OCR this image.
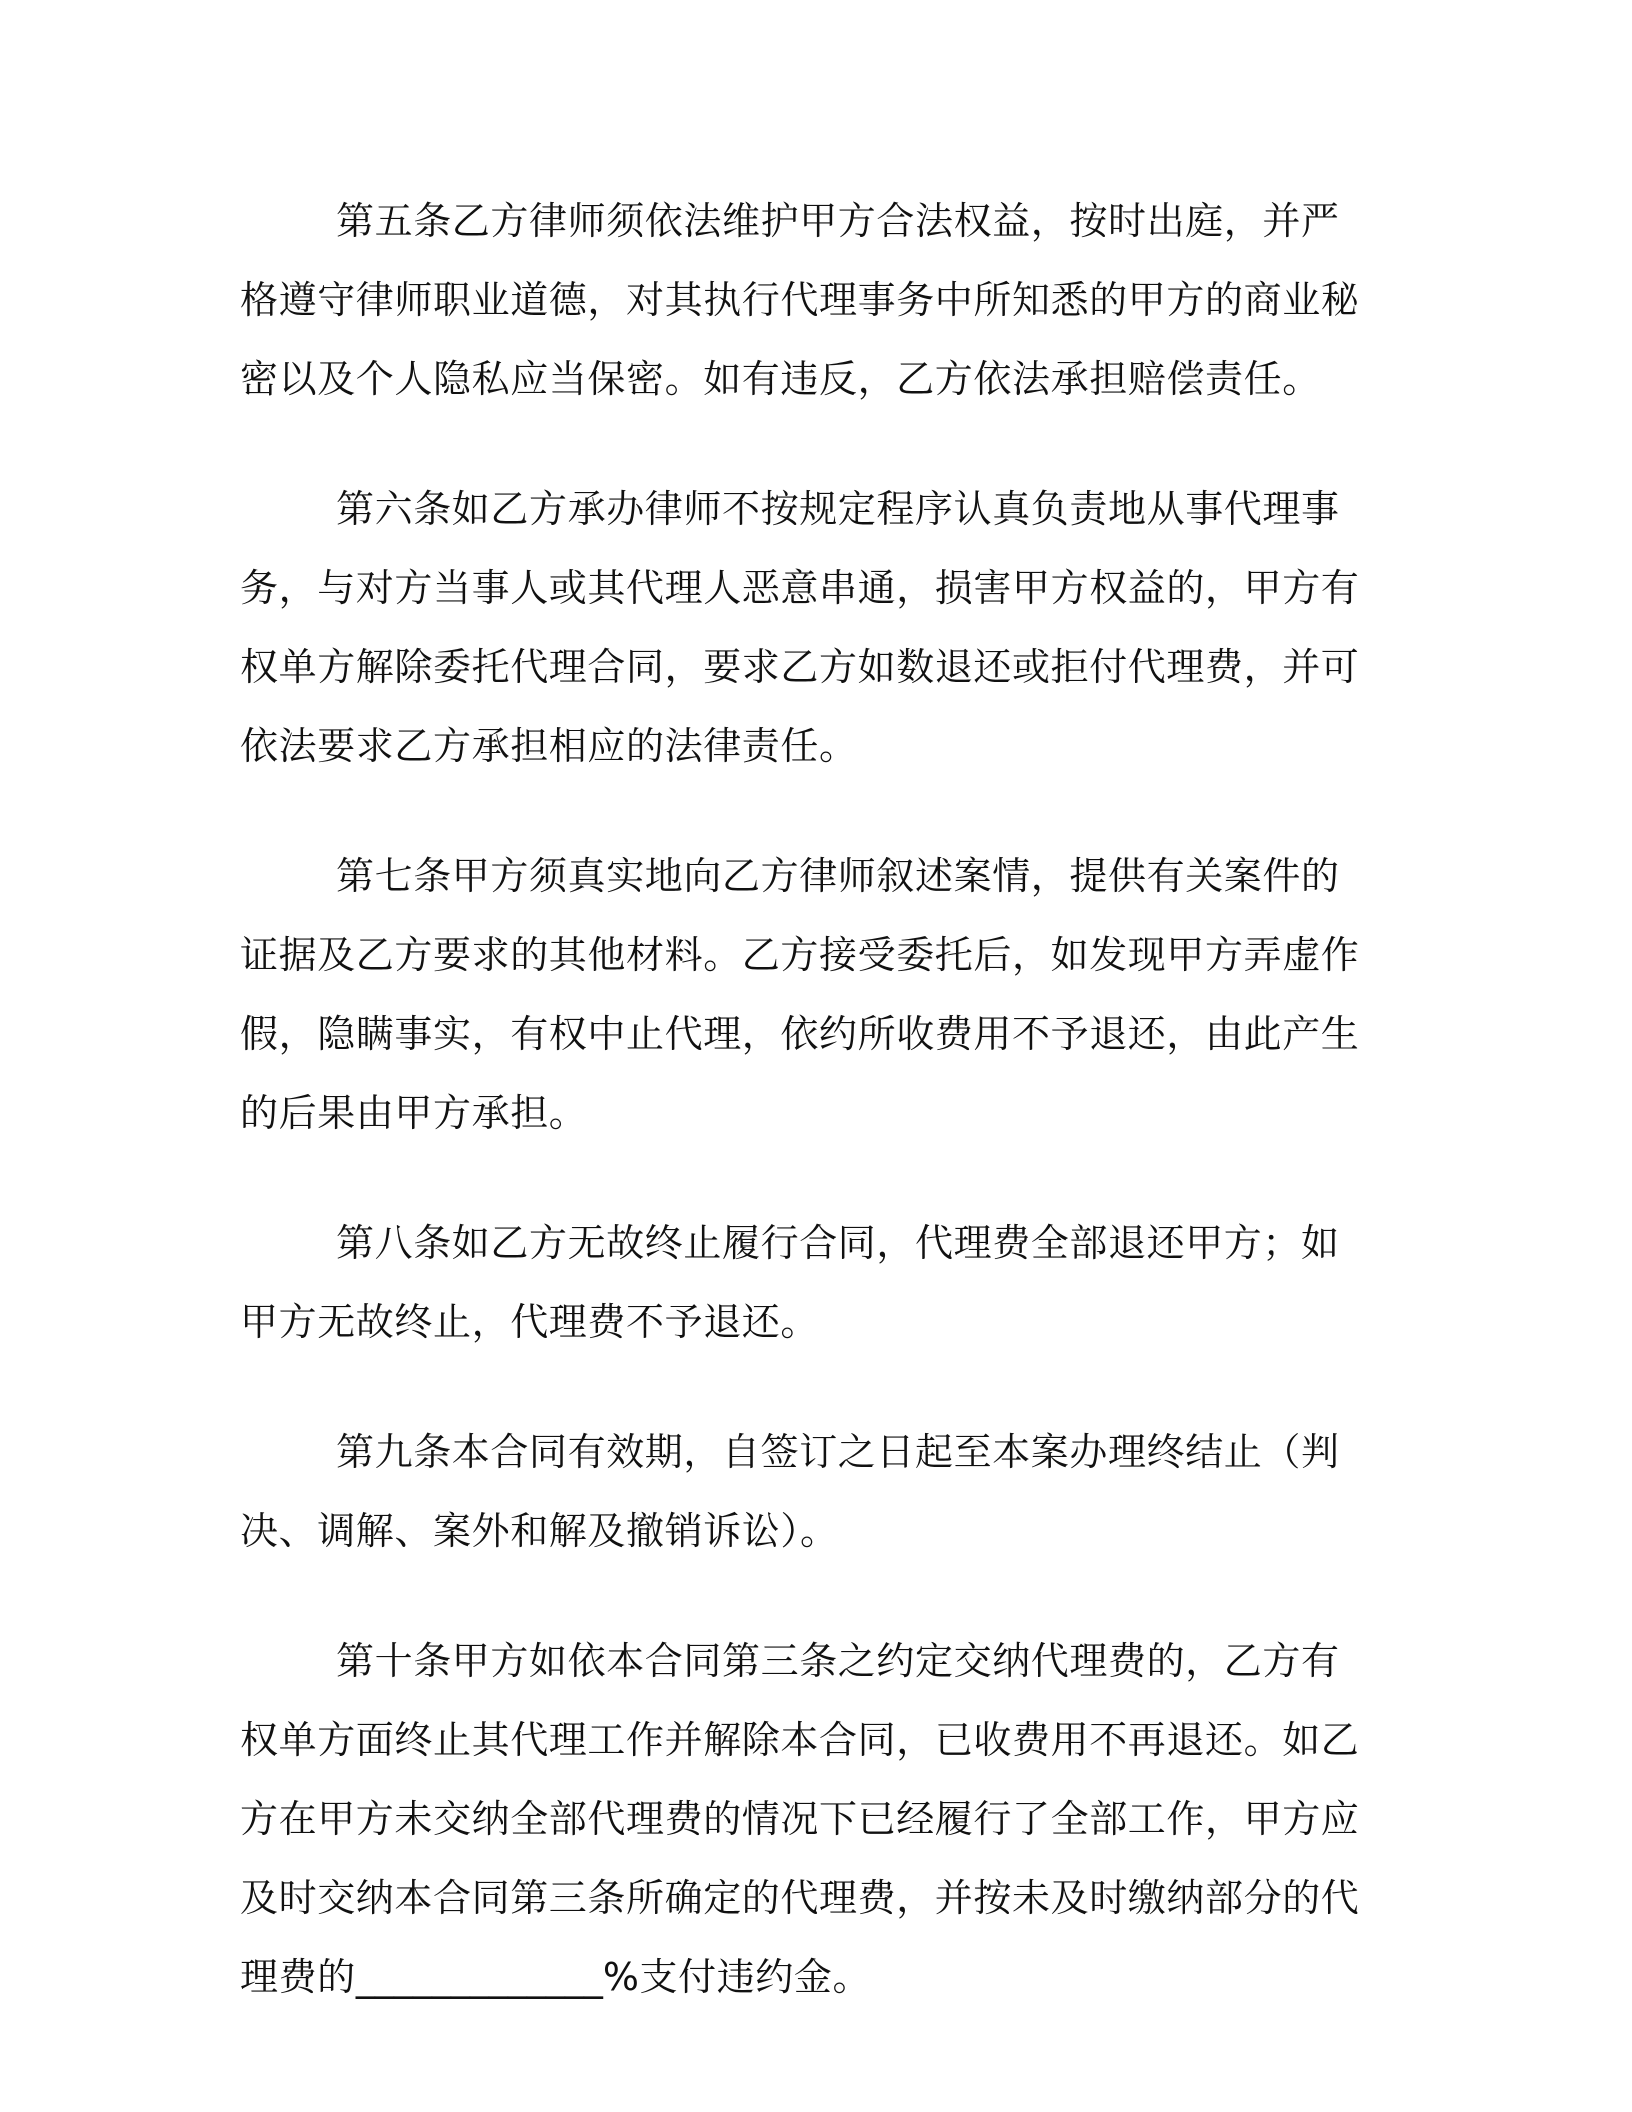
第五条乙方律师须依法维护甲方合法权益，按时出庭，并严格遵守律师职业道德，对其执行代理事务中所知悉的甲方的商业秘密以及个人隐私应当保密。如有违反，乙方依法承担赔偿责任。

第六条如乙方承办律师不按规定程序认真负责地从事代理事务，与对方当事人或其代理人恶意串通，损害甲方权益的，甲方有权单方解除委托代理合同，要求乙方如数退还或拒付代理费，并可依法要求乙方承担相应的法律责任。

第七条甲方须真实地向乙方律师叙述案情，提供有关案件的证据及乙方要求的其他材料。乙方接受委托后，如发现甲方弄虚作假，隐瞒事实，有权中止代理，依约所收费用不予退还，由此产生的后果由甲方承担。

第八条如乙方无故终止履行合同，代理费全部退还甲方；如甲方无故终止，代理费不予退还。

第九条本合同有效期，自签订之日起至本案办理终结止（判决、调解、案外和解及撤销诉讼）。

第十条甲方如依本合同第三条之约定交纳代理费的，乙方有权单方面终止其代理工作并解除本合同，已收费用不再退还。如乙方在甲方未交纳全部代理费的情况下已经履行了全部工作，甲方应及时交纳本合同第三条所确定的代理费，并按未及时缴纳部分的代理费的_____________%支付违约金。
